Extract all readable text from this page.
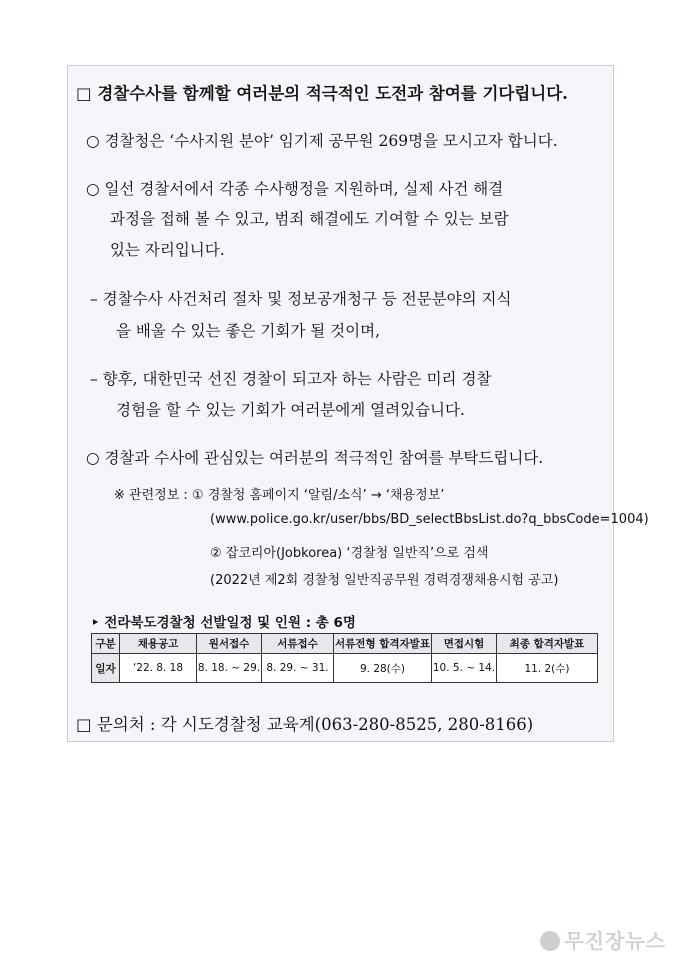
□ 경찰수사를 함께할 여러분의 적극적인 도전과 참여를 기다립니다.
○ 경찰청은 ‘수사지원 분야’ 임기제 공무원 269명을 모시고자 합니다.
○ 일선 경찰서에서 각종 수사행정을 지원하며, 실제 사건 해결
과정을 접해 볼 수 있고, 범죄 해결에도 기여할 수 있는 보람
있는 자리입니다.
– 경찰수사 사건처리 절차 및 정보공개청구 등 전문분야의 지식
을 배울 수 있는 좋은 기회가 될 것이며,
– 향후, 대한민국 선진 경찰이 되고자 하는 사람은 미리 경찰
경험을 할 수 있는 기회가 여러분에게 열려있습니다.
○ 경찰과 수사에 관심있는 여러분의 적극적인 참여를 부탁드립니다.
※ 관련정보 : ① 경찰청 홈페이지 ‘알림/소식’ → ‘채용정보’
(www.police.go.kr/user/bbs/BD_selectBbsList.do?q_bbsCode=1004)
② 잡코리아(Jobkorea) ‘경찰청 일반직’으로 검색
(2022년 제2회 경찰청 일반직공무원 경력경쟁채용시험 공고)
‣ 전라북도경찰청 선발일정 및 인원 : 총 6명
구분	채용공고	원서접수	서류접수	서류전형 합격자발표	면접시험	최종 합격자발표
일자	‘22. 8. 18	8. 18. ~ 29.	8. 29. ~ 31.	9. 28(수)	10. 5. ~ 14.	11. 2(수)
□ 문의처 : 각 시도경찰청 교육계(063-280-8525, 280-8166)
무진장뉴스
